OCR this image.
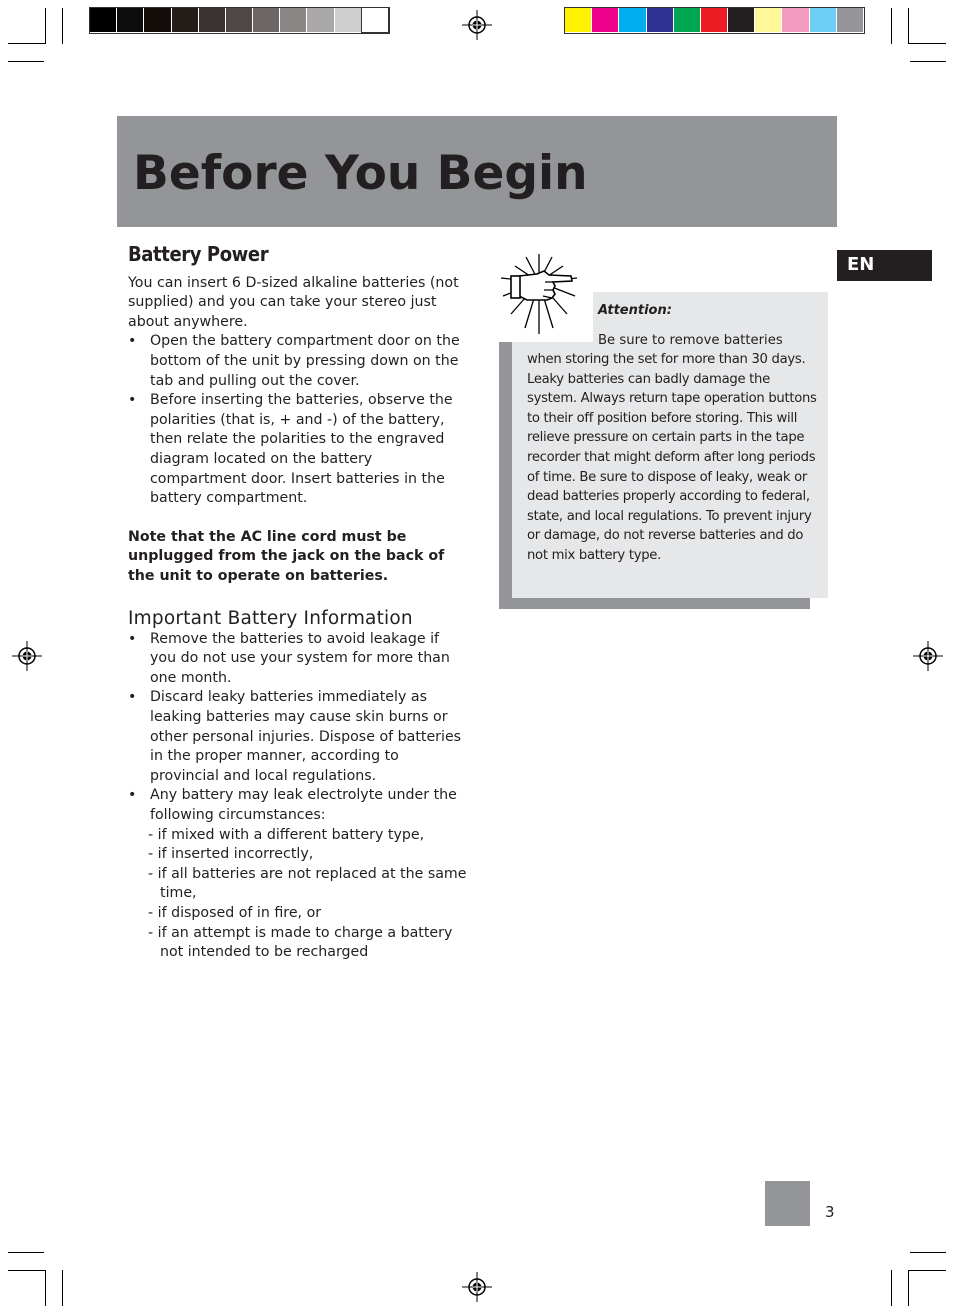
Before You Begin
EN
Battery Power

You can insert 6 D-sized alkaline batteries (not supplied) and you can take your stereo just about anywhere.

• Open the battery compartment door on the bottom of the unit by pressing down on the tab and pulling out the cover.
• Before inserting the batteries, observe the polarities (that is, + and -) of the battery, then relate the polarities to the engraved diagram located on the battery compartment door. Insert batteries in the battery compartment.

Note that the AC line cord must be unplugged from the jack on the back of the unit to operate on batteries.

Important Battery Information
• Remove the batteries to avoid leakage if you do not use your system for more than one month.
• Discard leaky batteries immediately as leaking batteries may cause skin burns or other personal injuries. Dispose of batteries in the proper manner, according to provincial and local regulations.
• Any battery may leak electrolyte under the following circumstances:
- if mixed with a different battery type,
- if inserted incorrectly,
- if all batteries are not replaced at the same time,
- if disposed of in fire, or
- if an attempt is made to charge a battery not intended to be recharged
Attention:
Be sure to remove batteries
when storing the set for more than 30 days. Leaky batteries can badly damage the system. Always return tape operation buttons to their off position before storing. This will relieve pressure on certain parts in the tape recorder that might deform after long periods of time. Be sure to dispose of leaky, weak or dead batteries properly according to federal, state, and local regulations. To prevent injury or damage, do not reverse batteries and do not mix battery type.
3
